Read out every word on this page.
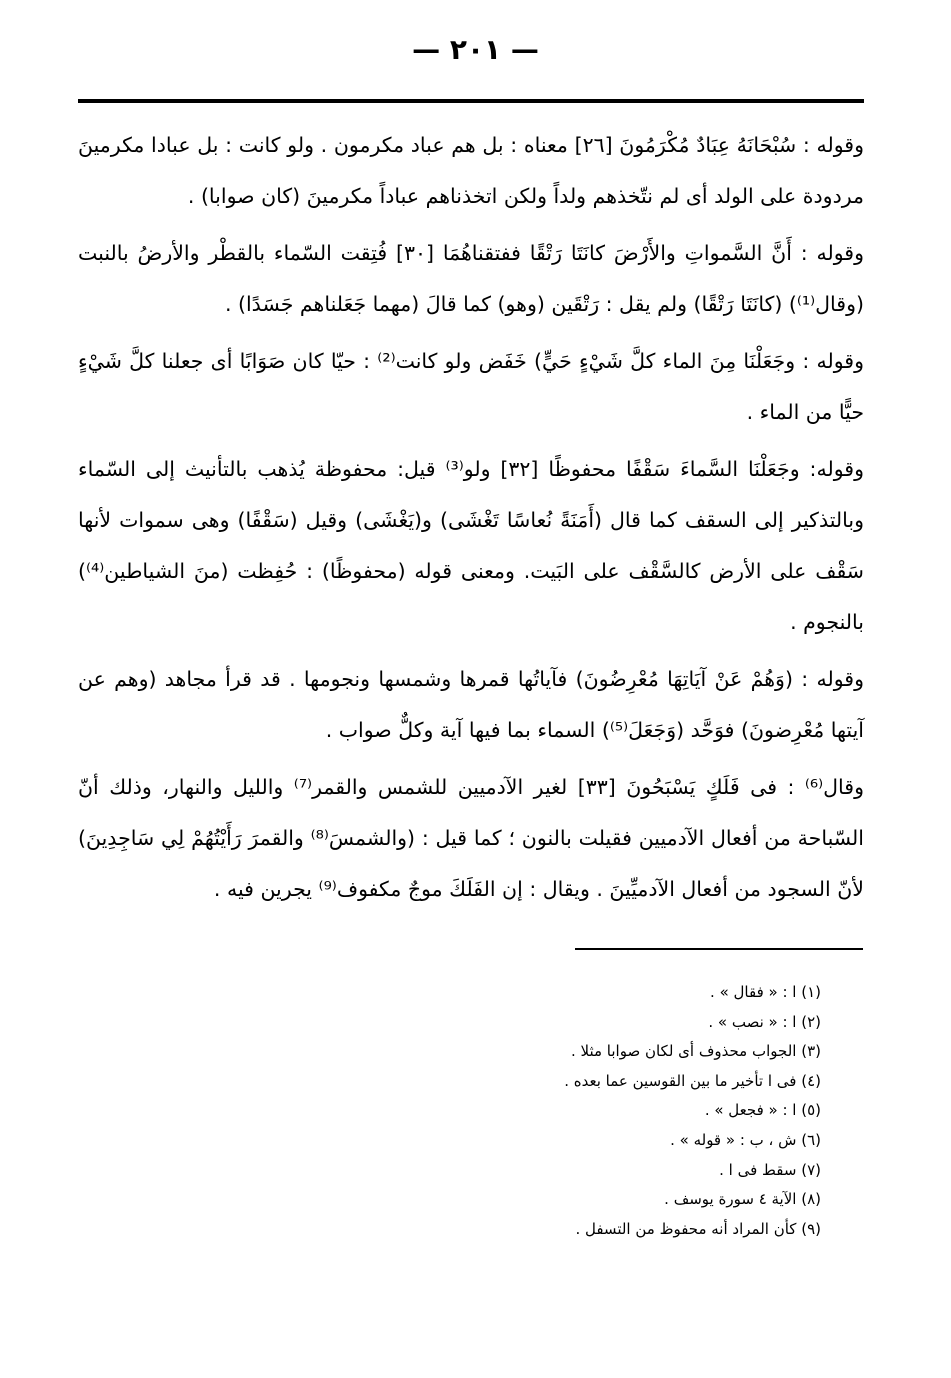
— ٢٠١ —

وقوله : سُبْحَانَهُ عِبَادٌ مُكْرَمُونَ [٢٦] معناه : بل هم عباد مكرمون . ولو كانت : بل عبادا مكرمينَ مردودة على الولد أى لم نتّخذهم ولداً ولكن اتخذناهم عباداً مكرمينَ (كان صوابا) .

وقوله : أَنَّ السَّمواتِ والأَرْضَ كانَتَا رَتْقًا ففتقناهُمَا [٣٠] فُتِقت السّماء بالقطْر والأرضُ بالنبت (وقال⁽¹⁾) (كانَتَا رَتْقًا) ولم يقل : رَتْقَين (وهو) كما قالَ (مهما جَعَلناهم جَسَدًا) .

وقوله : وجَعَلْنَا مِنَ الماء كلَّ شَيْءٍ حَيٍّ) خَفَض ولو كانت⁽²⁾ : حيّا كان صَوَابًا أى جعلنا كلَّ شَيْءٍ حيًّا من الماء .

وقوله: وجَعَلْنَا السَّماءَ سَقْفًا محفوظًا [٣٢] ولو⁽³⁾ قيل: محفوظة يُذهب بالتأنيث إلى السّماء وبالتذكير إلى السقف كما قال (أَمَنَةً نُعاسًا تَغْشَى) و(يَغْشَى) وقيل (سَقْفًا) وهى سموات لأنها سَقْف على الأرض كالسَّقْف على البَيت. ومعنى قوله (محفوظًا) : حُفِظت (منَ الشياطين⁽⁴⁾) بالنجوم .

وقوله : (وَهُمْ عَنْ آيَاتِهَا مُعْرِضُونَ) فآياتُها قمرها وشمسها ونجومها . قد قرأ مجاهد (وهم عن آيتها مُعْرِضونَ) فوَحَّد (وَجَعَلَ⁽⁵⁾) السماء بما فيها آية وكلٌّ صواب .

وقال⁽⁶⁾ : فى فَلَكٍ يَسْبَحُونَ [٣٣] لغير الآدميين للشمس والقمر⁽⁷⁾ والليل والنهار، وذلك أنّ السّباحة من أفعال الآدميين فقيلت بالنون ؛ كما قيل : (والشمسَ⁽⁸⁾ والقمرَ رَأَيْتُهُمْ لِي سَاجِدِينَ) لأنّ السجود من أفعال الآدميِّينَ . ويقال : إن الفَلَكَ موجٌ مكفوف⁽⁹⁾ يجرين فيه .

(١) ا : « فقال » .
(٢) ا : « نصب » .
(٣) الجواب محذوف أى لكان صوابا مثلا .
(٤) فى ا تأخير ما بين القوسين عما بعده .
(٥) ا : « فجعل » .
(٦) ش ، ب : « قوله » .
(٧) سقط فى ا .
(٨) الآية ٤ سورة يوسف .
(٩) كأن المراد أنه محفوظ من التسفل .
